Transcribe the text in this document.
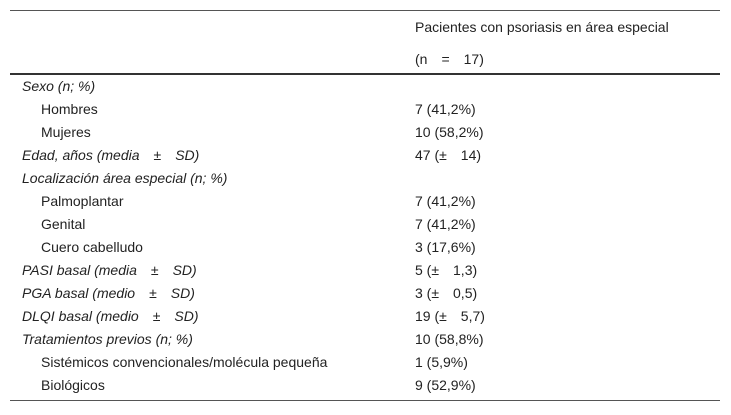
Pacientes con psoriasis en área especial
(n = 17)
Sexo (n; %)
Hombres	7 (41,2%)
Mujeres	10 (58,2%)
Edad, años (media ± SD)	47 (± 14)
Localización área especial (n; %)
Palmoplantar	7 (41,2%)
Genital	7 (41,2%)
Cuero cabelludo	3 (17,6%)
PASI basal (media ± SD)	5 (± 1,3)
PGA basal (medio ± SD)	3 (± 0,5)
DLQI basal (medio ± SD)	19 (± 5,7)
Tratamientos previos (n; %)	10 (58,8%)
Sistémicos convencionales/molécula pequeña	1 (5,9%)
Biológicos	9 (52,9%)
